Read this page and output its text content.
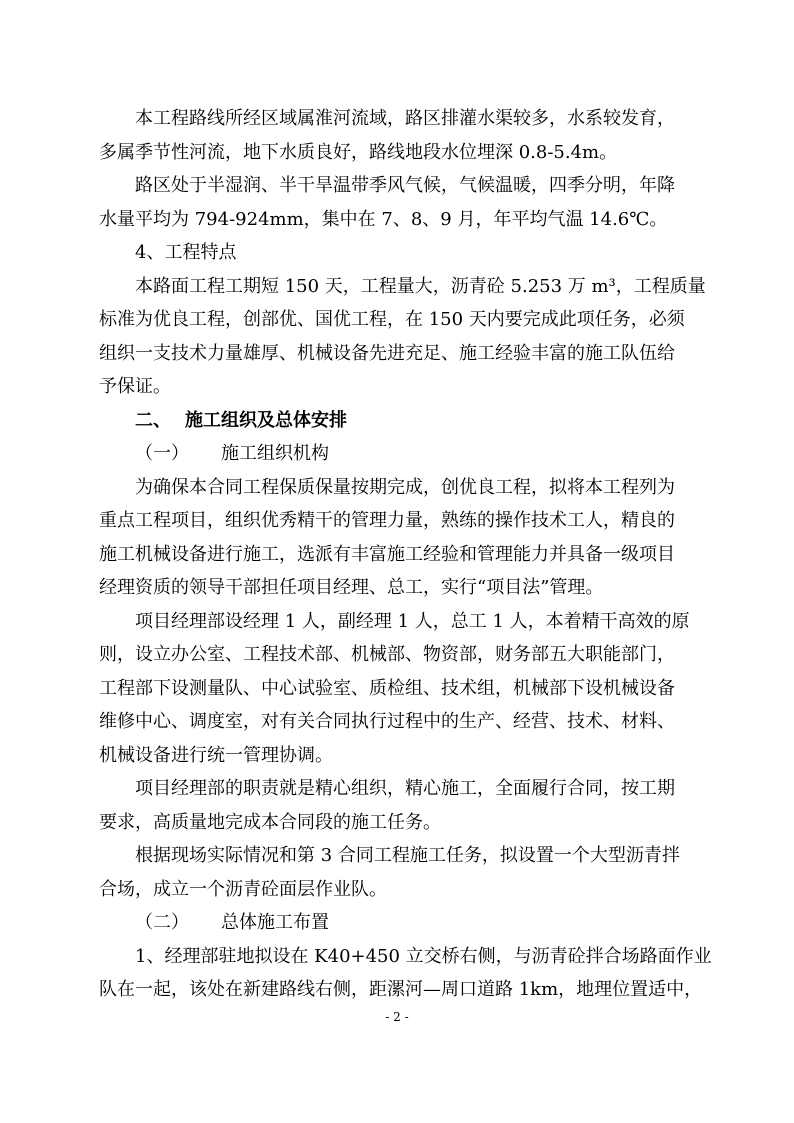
本工程路线所经区域属淮河流域，路区排灌水渠较多，水系较发育，
多属季节性河流，地下水质良好，路线地段水位埋深 0.8-5.4m。

路区处于半湿润、半干旱温带季风气候，气候温暖，四季分明，年降
水量平均为 794-924mm，集中在 7、8、9 月，年平均气温 14.6℃。

4、工程特点

本路面工程工期短 150 天，工程量大，沥青砼 5.253 万 m³，工程质量
标准为优良工程，创部优、国优工程，在 150 天内要完成此项任务，必须
组织一支技术力量雄厚、机械设备先进充足、施工经验丰富的施工队伍给
予保证。

二、 施工组织及总体安排

（一） 施工组织机构

为确保本合同工程保质保量按期完成，创优良工程，拟将本工程列为
重点工程项目，组织优秀精干的管理力量，熟练的操作技术工人，精良的
施工机械设备进行施工，选派有丰富施工经验和管理能力并具备一级项目
经理资质的领导干部担任项目经理、总工，实行“项目法”管理。

项目经理部设经理 1 人，副经理 1 人，总工 1 人，本着精干高效的原
则，设立办公室、工程技术部、机械部、物资部，财务部五大职能部门，
工程部下设测量队、中心试验室、质检组、技术组，机械部下设机械设备
维修中心、调度室，对有关合同执行过程中的生产、经营、技术、材料、
机械设备进行统一管理协调。

项目经理部的职责就是精心组织，精心施工，全面履行合同，按工期
要求，高质量地完成本合同段的施工任务。

根据现场实际情况和第 3 合同工程施工任务，拟设置一个大型沥青拌
合场，成立一个沥青砼面层作业队。

（二） 总体施工布置

1、经理部驻地拟设在 K40+450 立交桥右侧，与沥青砼拌合场路面作业
队在一起，该处在新建路线右侧，距漯河—周口道路 1km，地理位置适中，

- 2 -
